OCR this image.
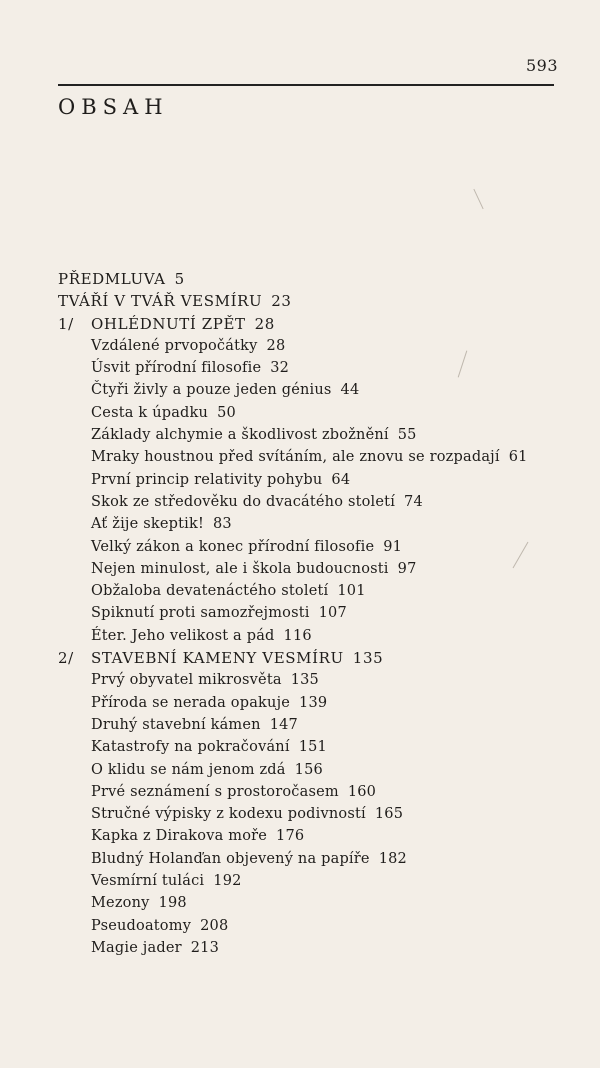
593
OBSAH
PŘEDMLUVA 5
TVÁŘÍ V TVÁŘ VESMÍRU 23
1/ OHLÉDNUTÍ ZPĚT 28
Vzdálené prvopočátky 28
Úsvit přírodní filosofie 32
Čtyři živly a pouze jeden génius 44
Cesta k úpadku 50
Základy alchymie a škodlivost zbožnění 55
Mraky houstnou před svítáním, ale znovu se rozpadají 61
První princip relativity pohybu 64
Skok ze středověku do dvacátého století 74
Ať žije skeptik! 83
Velký zákon a konec přírodní filosofie 91
Nejen minulost, ale i škola budoucnosti 97
Obžaloba devatenáctého století 101
Spiknutí proti samozřejmosti 107
Éter. Jeho velikost a pád 116
2/ STAVEBNÍ KAMENY VESMÍRU 135
Prvý obyvatel mikrosvěta 135
Příroda se nerada opakuje 139
Druhý stavební kámen 147
Katastrofy na pokračování 151
O klidu se nám jenom zdá 156
Prvé seznámení s prostoročasem 160
Stručné výpisky z kodexu podivností 165
Kapka z Dirakova moře 176
Bludný Holanďan objevený na papíře 182
Vesmírní tuláci 192
Mezony 198
Pseudoatomy 208
Magie jader 213
